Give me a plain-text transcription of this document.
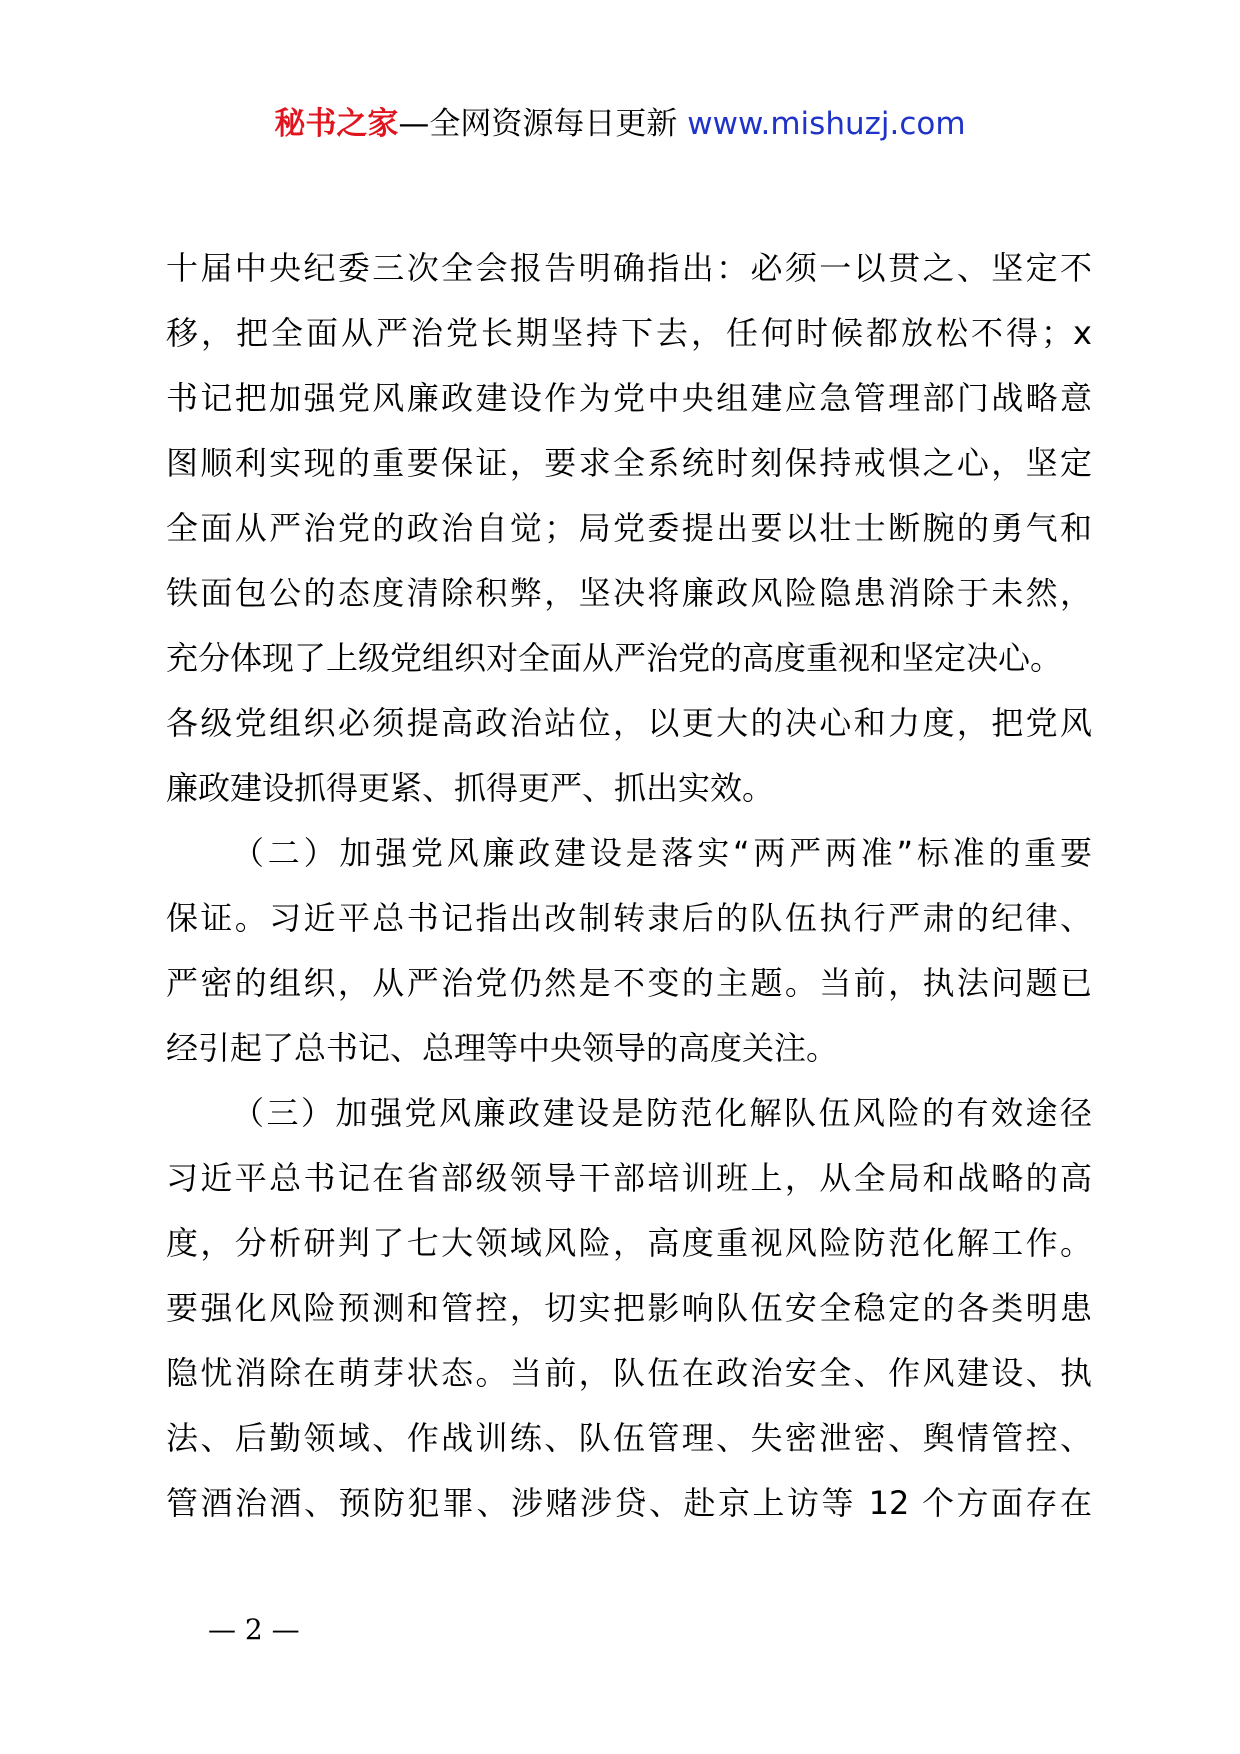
秘书之家—全网资源每日更新 www.mishuzj.com
十届中央纪委三次全会报告明确指出：必须一以贯之、坚定不
移，把全面从严治党长期坚持下去，任何时候都放松不得；x
书记把加强党风廉政建设作为党中央组建应急管理部门战略意
图顺利实现的重要保证，要求全系统时刻保持戒惧之心，坚定
全面从严治党的政治自觉；局党委提出要以壮士断腕的勇气和
铁面包公的态度清除积弊，坚决将廉政风险隐患消除于未然，
充分体现了上级党组织对全面从严治党的高度重视和坚定决心。
各级党组织必须提高政治站位，以更大的决心和力度，把党风
廉政建设抓得更紧、抓得更严、抓出实效。
（二）加强党风廉政建设是落实“两严两准”标准的重要
保证。习近平总书记指出改制转隶后的队伍执行严肃的纪律、
严密的组织，从严治党仍然是不变的主题。当前，执法问题已
经引起了总书记、总理等中央领导的高度关注。
（三）加强党风廉政建设是防范化解队伍风险的有效途径
习近平总书记在省部级领导干部培训班上，从全局和战略的高
度，分析研判了七大领域风险，高度重视风险防范化解工作。
要强化风险预测和管控，切实把影响队伍安全稳定的各类明患
隐忧消除在萌芽状态。当前，队伍在政治安全、作风建设、执
法、后勤领域、作战训练、队伍管理、失密泄密、舆情管控、
管酒治酒、预防犯罪、涉赌涉贷、赴京上访等 12 个方面存在
— 2 —
